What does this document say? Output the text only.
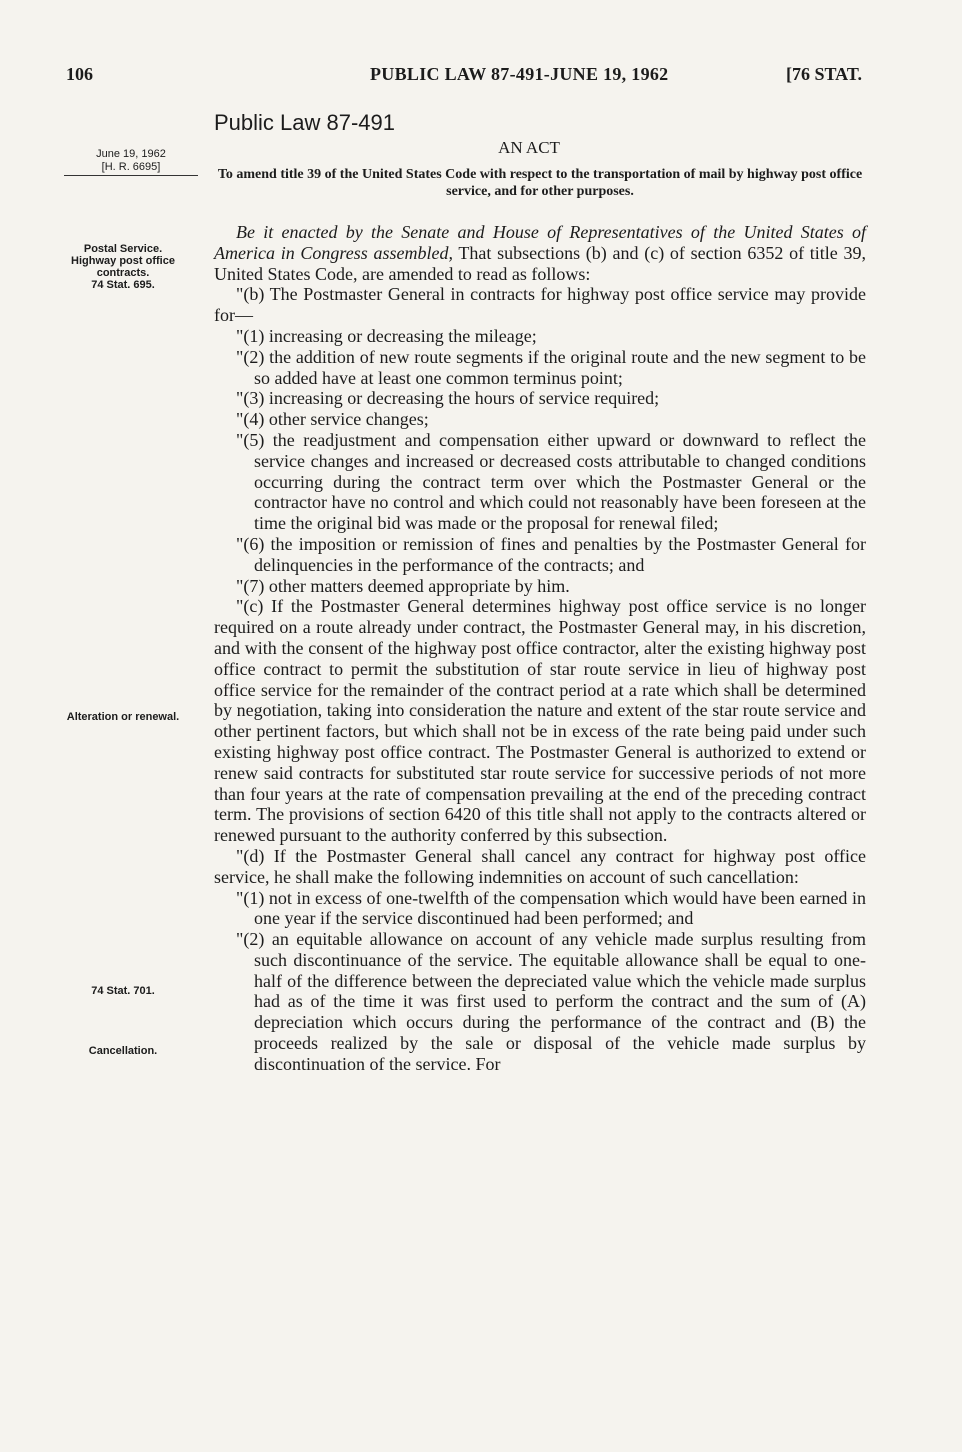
106	PUBLIC LAW 87-491-JUNE 19, 1962	[76 STAT.
Public Law 87-491
AN ACT
June 19, 1962
[H. R. 6695]	To amend title 39 of the United States Code with respect to the transportation of mail by highway post office service, and for other purposes.
Postal Service.
Highway post office contracts.
74 Stat. 695.
Alteration or renewal.
74 Stat. 701.
Cancellation.

Be it enacted by the Senate and House of Representatives of the United States of America in Congress assembled, That subsections (b) and (c) of section 6352 of title 39, United States Code, are amended to read as follows:

"(b) The Postmaster General in contracts for highway post office service may provide for—

"(1) increasing or decreasing the mileage;

"(2) the addition of new route segments if the original route and the new segment to be so added have at least one common terminus point;

"(3) increasing or decreasing the hours of service required;

"(4) other service changes;

"(5) the readjustment and compensation either upward or downward to reflect the service changes and increased or decreased costs attributable to changed conditions occurring during the contract term over which the Postmaster General or the contractor have no control and which could not reasonably have been foreseen at the time the original bid was made or the proposal for renewal filed;

"(6) the imposition or remission of fines and penalties by the Postmaster General for delinquencies in the performance of the contracts; and

"(7) other matters deemed appropriate by him.

"(c) If the Postmaster General determines highway post office service is no longer required on a route already under contract, the Postmaster General may, in his discretion, and with the consent of the highway post office contractor, alter the existing highway post office contract to permit the substitution of star route service in lieu of highway post office service for the remainder of the contract period at a rate which shall be determined by negotiation, taking into consideration the nature and extent of the star route service and other pertinent factors, but which shall not be in excess of the rate being paid under such existing highway post office contract. The Postmaster General is authorized to extend or renew said contracts for substituted star route service for successive periods of not more than four years at the rate of compensation prevailing at the end of the preceding contract term. The provisions of section 6420 of this title shall not apply to the contracts altered or renewed pursuant to the authority conferred by this subsection.

"(d) If the Postmaster General shall cancel any contract for highway post office service, he shall make the following indemnities on account of such cancellation:

"(1) not in excess of one-twelfth of the compensation which would have been earned in one year if the service discontinued had been performed; and

"(2) an equitable allowance on account of any vehicle made surplus resulting from such discontinuance of the service. The equitable allowance shall be equal to one-half of the difference between the depreciated value which the vehicle made surplus had as of the time it was first used to perform the contract and the sum of (A) depreciation which occurs during the performance of the contract and (B) the proceeds realized by the sale or disposal of the vehicle made surplus by discontinuation of the service. For
